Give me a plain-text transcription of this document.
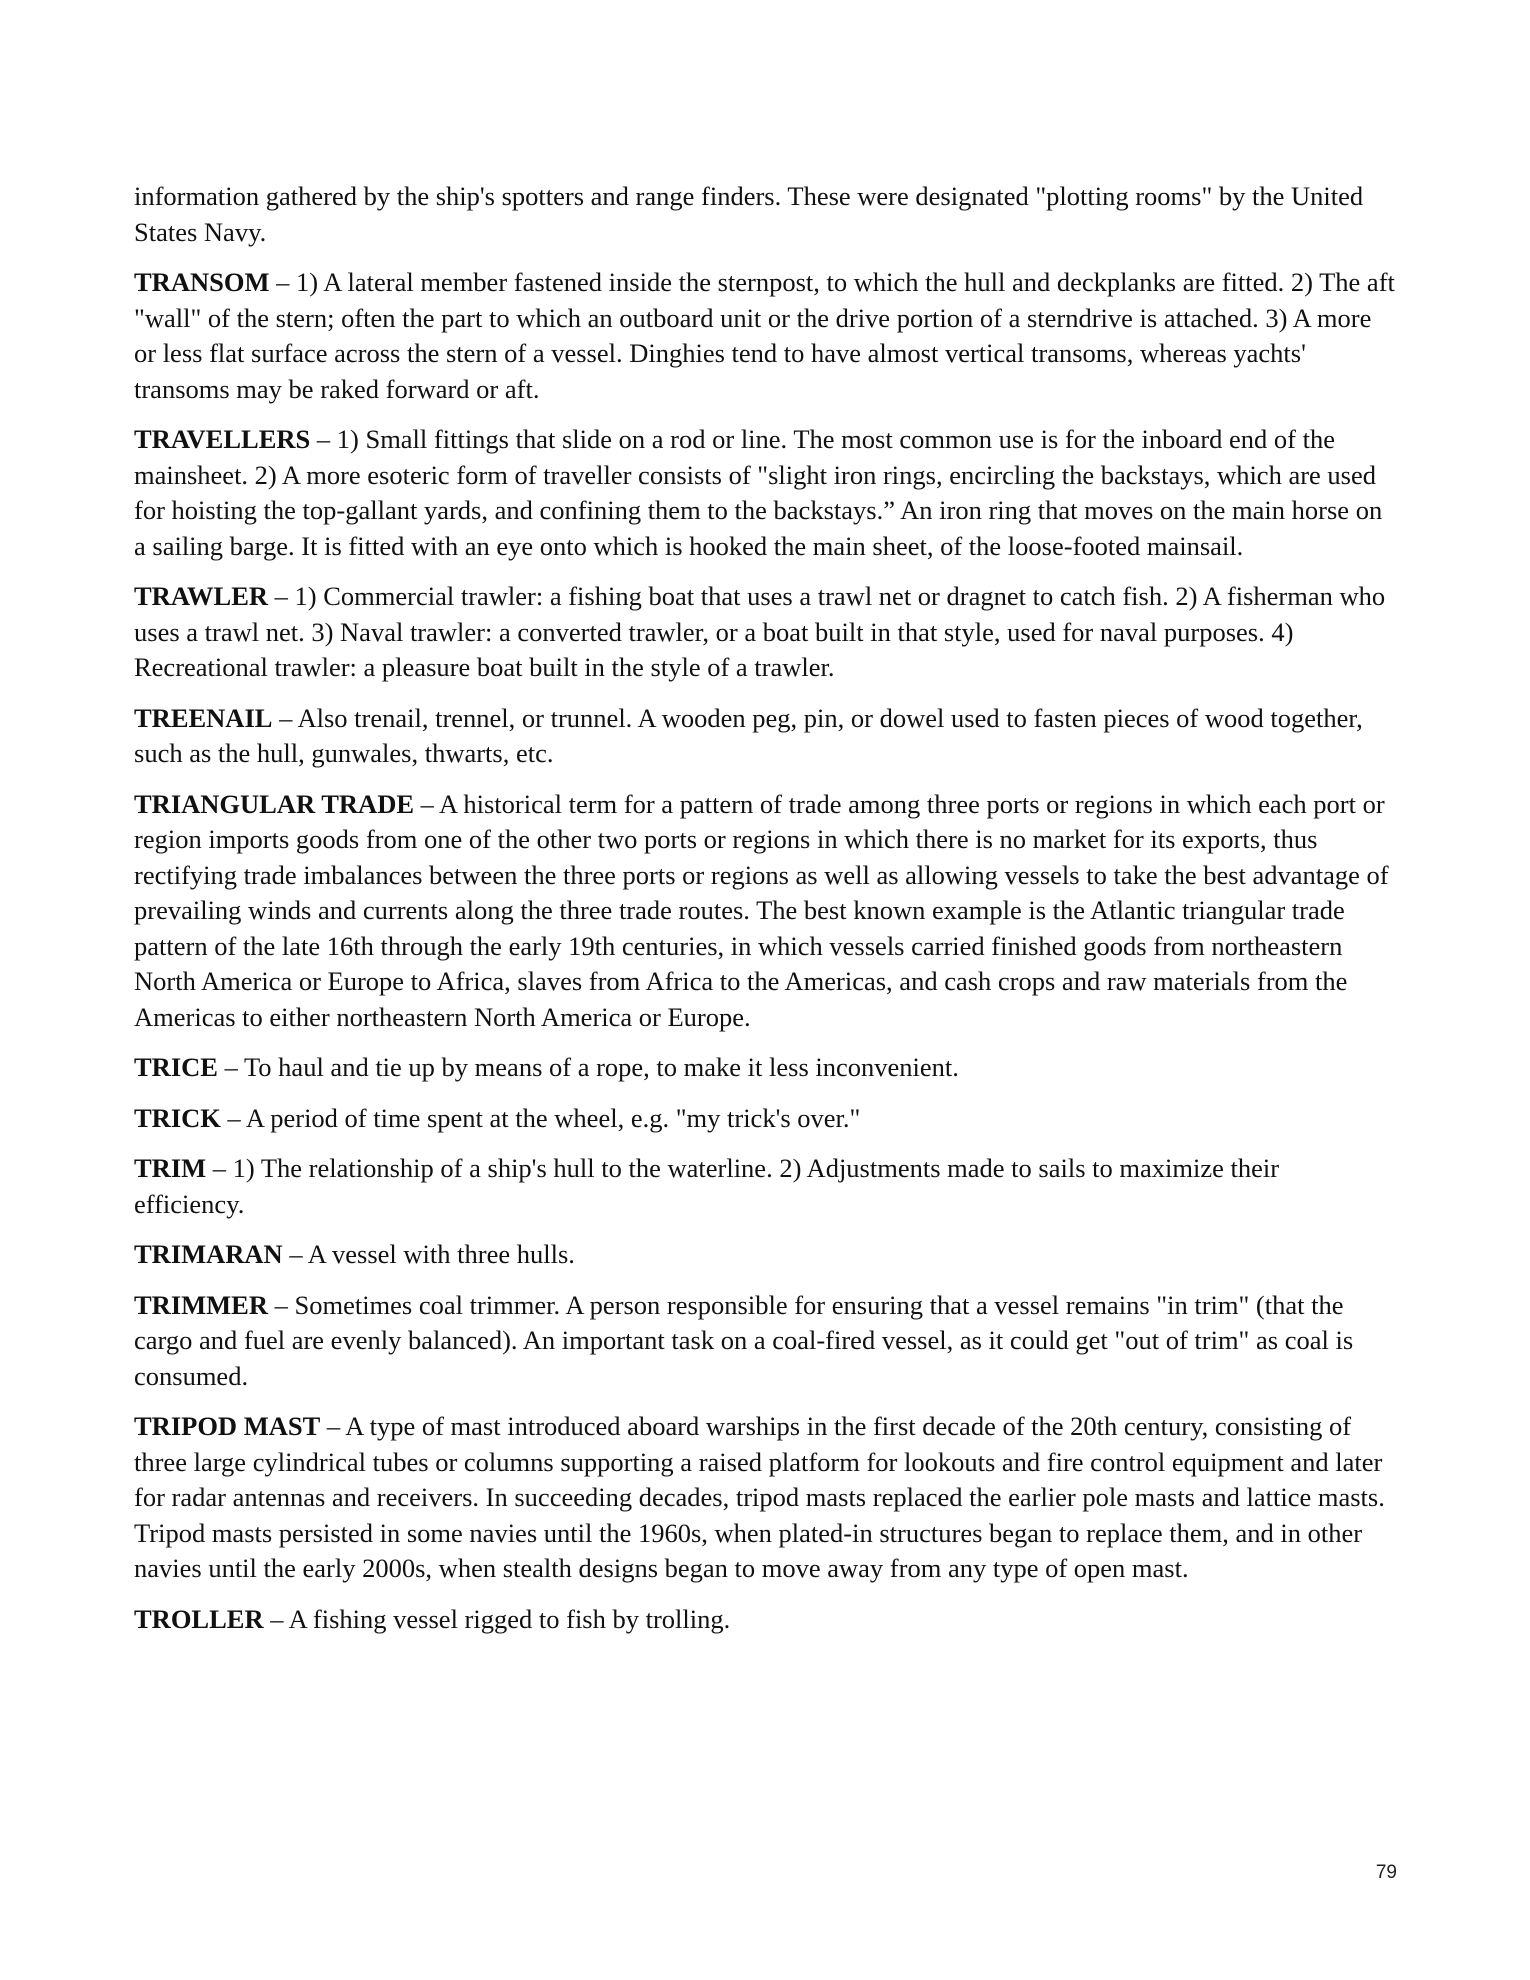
information gathered by the ship's spotters and range finders. These were designated "plotting rooms" by the United States Navy.

TRANSOM – 1) A lateral member fastened inside the sternpost, to which the hull and deckplanks are fitted. 2) The aft "wall" of the stern; often the part to which an outboard unit or the drive portion of a sterndrive is attached. 3) A more or less flat surface across the stern of a vessel. Dinghies tend to have almost vertical transoms, whereas yachts' transoms may be raked forward or aft.

TRAVELLERS – 1) Small fittings that slide on a rod or line. The most common use is for the inboard end of the mainsheet. 2) A more esoteric form of traveller consists of "slight iron rings, encircling the backstays, which are used for hoisting the top-gallant yards, and confining them to the backstays.” An iron ring that moves on the main horse on a sailing barge. It is fitted with an eye onto which is hooked the main sheet, of the loose-footed mainsail.

TRAWLER – 1) Commercial trawler: a fishing boat that uses a trawl net or dragnet to catch fish. 2) A fisherman who uses a trawl net. 3) Naval trawler: a converted trawler, or a boat built in that style, used for naval purposes. 4) Recreational trawler: a pleasure boat built in the style of a trawler.

TREENAIL – Also trenail, trennel, or trunnel. A wooden peg, pin, or dowel used to fasten pieces of wood together, such as the hull, gunwales, thwarts, etc.

TRIANGULAR TRADE – A historical term for a pattern of trade among three ports or regions in which each port or region imports goods from one of the other two ports or regions in which there is no market for its exports, thus rectifying trade imbalances between the three ports or regions as well as allowing vessels to take the best advantage of prevailing winds and currents along the three trade routes. The best known example is the Atlantic triangular trade pattern of the late 16th through the early 19th centuries, in which vessels carried finished goods from northeastern North America or Europe to Africa, slaves from Africa to the Americas, and cash crops and raw materials from the Americas to either northeastern North America or Europe.

TRICE – To haul and tie up by means of a rope, to make it less inconvenient.

TRICK – A period of time spent at the wheel, e.g. "my trick's over."

TRIM – 1) The relationship of a ship's hull to the waterline. 2) Adjustments made to sails to maximize their efficiency.

TRIMARAN – A vessel with three hulls.

TRIMMER – Sometimes coal trimmer. A person responsible for ensuring that a vessel remains "in trim" (that the cargo and fuel are evenly balanced). An important task on a coal-fired vessel, as it could get "out of trim" as coal is consumed.

TRIPOD MAST – A type of mast introduced aboard warships in the first decade of the 20th century, consisting of three large cylindrical tubes or columns supporting a raised platform for lookouts and fire control equipment and later for radar antennas and receivers. In succeeding decades, tripod masts replaced the earlier pole masts and lattice masts. Tripod masts persisted in some navies until the 1960s, when plated-in structures began to replace them, and in other navies until the early 2000s, when stealth designs began to move away from any type of open mast.

TROLLER – A fishing vessel rigged to fish by trolling.

79
